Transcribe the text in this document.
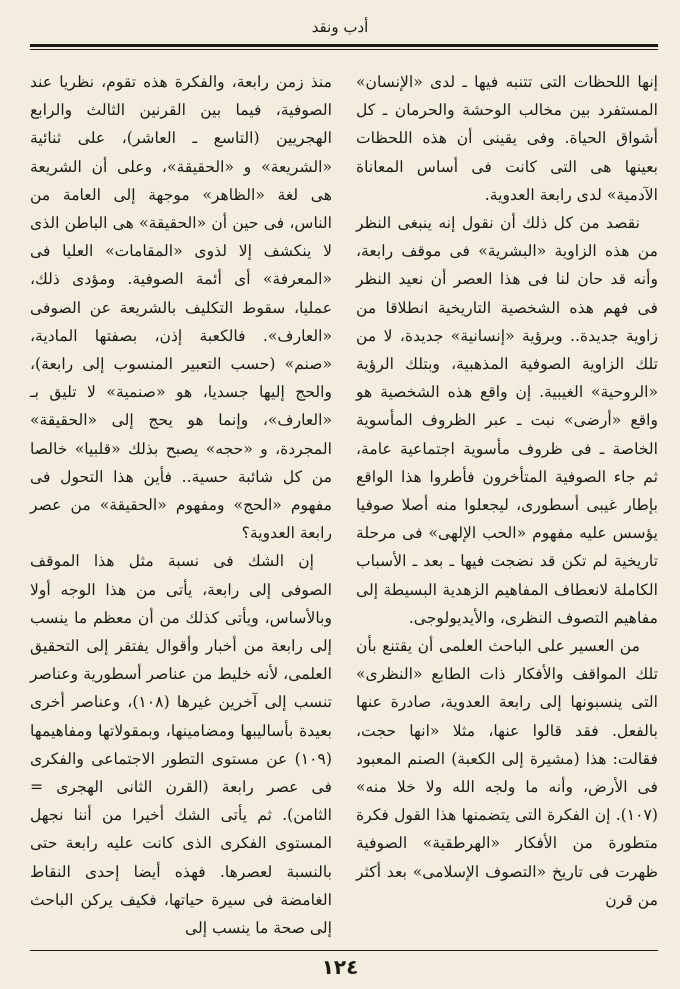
أدب ونقد

إنها اللحظات التى تتنبه فيها ـ لدى «الإنسان» المستفرد بين مخالب الوحشة والحرمان ـ كل أشواق الحياة. وفى يقينى أن هذه اللحظات بعينها هى التى كانت فى أساس المعاناة الآدمية» لدى رابعة العدوية.

نقصد من كل ذلك أن نقول إنه ينبغى النظر من هذه الزاوية «البشرية» فى موقف رابعة، وأنه قد حان لنا فى هذا العصر أن نعيد النظر فى فهم هذه الشخصية التاريخية انطلاقا من زاوية جديدة.. وبرؤية «إنسانية» جديدة، لا من تلك الزاوية الصوفية المذهبية، وبتلك الرؤية «الروحية» الغيبية. إن واقع هذه الشخصية هو واقع «أرضى» نبت ـ عبر الظروف المأسوية الخاصة ـ فى ظروف مأسوية اجتماعية عامة، ثم جاء الصوفية المتأخرون فأطروا هذا الواقع بإطار غيبى أسطورى، ليجعلوا منه أصلا صوفيا يؤسس عليه مفهوم «الحب الإلهى» فى مرحلة تاريخية لم تكن قد نضجت فيها ـ بعد ـ الأسباب الكاملة لانعطاف المفاهيم الزهدية البسيطة إلى مفاهيم التصوف النظرى، والأيديولوجى.

من العسير على الباحث العلمى أن يقتنع بأن تلك المواقف والأفكار ذات الطابع «النظرى» التى ينسبونها إلى رابعة العدوية، صادرة عنها بالفعل. فقد قالوا عنها، مثلا «انها حجت، فقالت: هذا (مشيرة إلى الكعبة) الصنم المعبود فى الأرض، وأنه ما ولجه الله ولا خلا منه» (١٠٧). إن الفكرة التى يتضمنها هذا القول فكرة متطورة من الأفكار «الهرطقية» الصوفية ظهرت فى تاريخ «التصوف الإسلامى» بعد أكثر من قرن

منذ زمن رابعة، والفكرة هذه تقوم، نظريا عند الصوفية، فيما بين القرنين الثالث والرابع الهجريين (التاسع ـ العاشر)، على ثنائية «الشريعة» و «الحقيقة»، وعلى أن الشريعة هى لغة «الظاهر» موجهة إلى العامة من الناس، فى حين أن «الحقيقة» هى الباطن الذى لا ينكشف إلا لذوى «المقامات» العليا فى «المعرفة» أى أئمة الصوفية. ومؤدى ذلك، عمليا، سقوط التكليف بالشريعة عن الصوفى «العارف». فالكعبة إذن، بصفتها المادية، «صنم» (حسب التعبير المنسوب إلى رابعة)، والحج إليها جسديا، هو «صنمية» لا تليق بـ «العارف»، وإنما هو يحج إلى «الحقيقة» المجردة، و «حجه» يصبح بذلك «قلبيا» خالصا من كل شائبة حسية.. فأين هذا التحول فى مفهوم «الحج» ومفهوم «الحقيقة» من عصر رابعة العدوية؟

إن الشك فى نسبة مثل هذا الموقف الصوفى إلى رابعة، يأتى من هذا الوجه أولا وبالأساس، ويأتى كذلك من أن معظم ما ينسب إلى رابعة من أخبار وأقوال يفتقر إلى التحقيق العلمى، لأنه خليط من عناصر أسطورية وعناصر تنسب إلى آخرين غيرها (١٠٨)، وعناصر أخرى بعيدة بأساليبها ومضامينها، وبمقولاتها ومفاهيمها (١٠٩) عن مستوى التطور الاجتماعى والفكرى فى عصر رابعة (القرن الثانى الهجرى = الثامن). ثم يأتى الشك أخيرا من أننا نجهل المستوى الفكرى الذى كانت عليه رابعة حتى بالنسبة لعصرها. فهذه أيضا إحدى النقاط الغامضة فى سيرة حياتها، فكيف يركن الباحث إلى صحة ما ينسب إلى

١٢٤
